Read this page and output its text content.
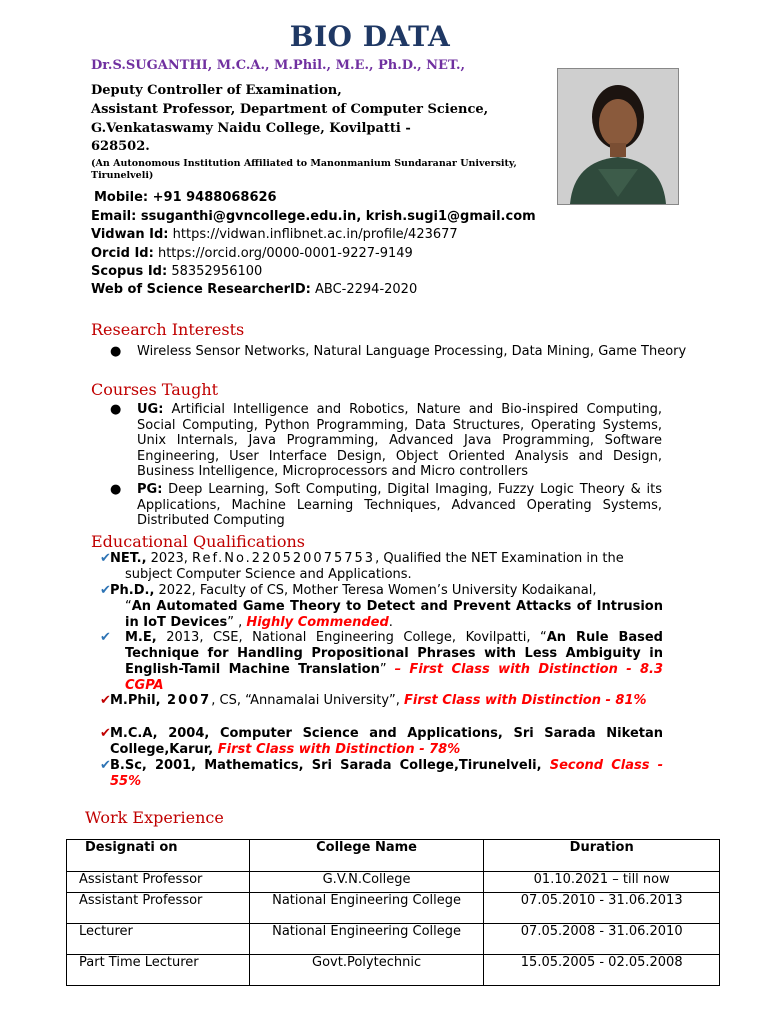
BIO DATA
Dr.S.SUGANTHI, M.C.A., M.Phil., M.E., Ph.D., NET.,
Deputy Controller of Examination,
Assistant Professor, Department of Computer Science,
G.Venkataswamy Naidu College, Kovilpatti -
628502.
(An Autonomous Institution Affiliated to Manonmanium Sundaranar University, Tirunelveli)
Mobile: +91 9488068626
Email: ssuganthi@gvncollege.edu.in, krish.sugi1@gmail.com
Vidwan Id: https://vidwan.inflibnet.ac.in/profile/423677
Orcid Id: https://orcid.org/0000-0001-9227-9149
Scopus Id: 58352956100
Web of Science ResearcherID: ABC-2294-2020
Research Interests
● Wireless Sensor Networks, Natural Language Processing, Data Mining, Game Theory
Courses Taught
● UG: Artificial Intelligence and Robotics, Nature and Bio-inspired Computing, Social Computing, Python Programming, Data Structures, Operating Systems, Unix Internals, Java Programming, Advanced Java Programming, Software Engineering, User Interface Design, Object Oriented Analysis and Design, Business Intelligence, Microprocessors and Micro controllers
● PG: Deep Learning, Soft Computing, Digital Imaging, Fuzzy Logic Theory & its Applications, Machine Learning Techniques, Advanced Operating Systems, Distributed Computing
Educational Qualifications
✔ NET., 2023, Ref.No.220520075753, Qualified the NET Examination in the
subject Computer Science and Applications.
✔ Ph.D., 2022, Faculty of CS, Mother Teresa Women’s University Kodaikanal,
“An Automated Game Theory to Detect and Prevent Attacks of Intrusion in IoT Devices” , Highly Commended.
✔	M.E, 2013, CSE, National Engineering College, Kovilpatti, “An Rule Based Technique for Handling Propositional Phrases with Less Ambiguity in English-Tamil Machine Translation” – First Class with Distinction - 8.3 CGPA
✔ M.Phil, 2007, CS, “Annamalai University”, First Class with Distinction - 81%
✔ M.C.A, 2004, Computer Science and Applications, Sri Sarada Niketan College,Karur, First Class with Distinction - 78%
✔ B.Sc, 2001, Mathematics, Sri Sarada College,Tirunelveli, Second Class - 55%
Work Experience
Designati on	College Name	Duration
Assistant Professor	G.V.N.College	01.10.2021 – till now
Assistant Professor	National Engineering College	07.05.2010 - 31.06.2013
Lecturer	National Engineering College	07.05.2008 - 31.06.2010
Part Time Lecturer	Govt.Polytechnic	15.05.2005 - 02.05.2008
